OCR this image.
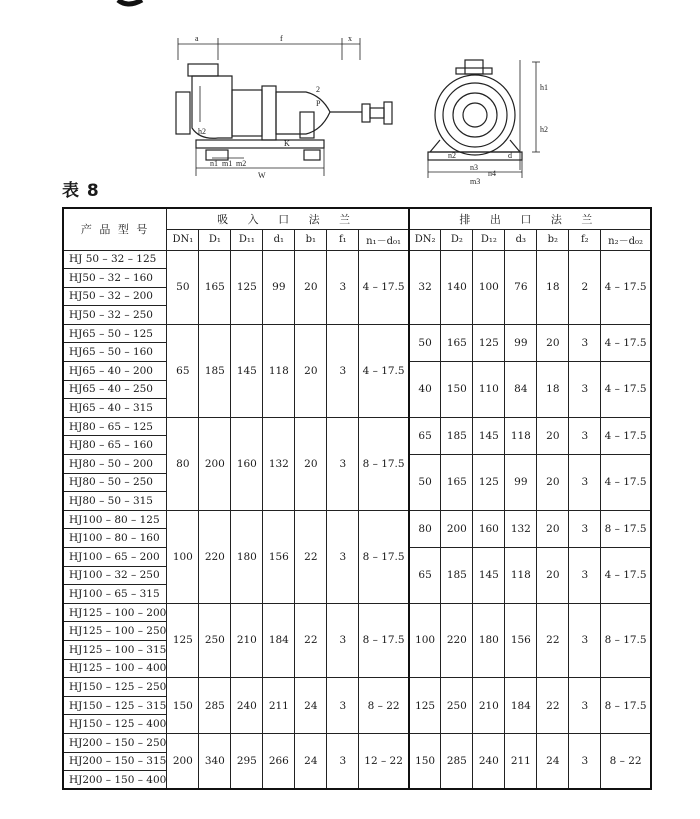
a	f	x
2
P
h2
K
n1 m1 m2
W
h1
h2
n2
n3
n4
m3
d
表 8
产 品 型 号	吸 入 口 法 兰							排 出 口 法 兰						
	DN₁	D₁	D₁₁	d₁	b₁	f₁	n₁－d₀₁	DN₂	D₂	D₁₂	d₃	b₂	f₂	n₂－d₀₂
HJ 50 – 32 – 125	50	165	125	99	20	3	4 – 17.5	32	140	100	76	18	2	4 – 17.5
HJ50 – 32 – 160														
HJ50 – 32 – 200														
HJ50 – 32 – 250														
HJ65 – 50 – 125	65	185	145	118	20	3	4 – 17.5	50	165	125	99	20	3	4 – 17.5
HJ65 – 50 – 160														
HJ65 – 40 – 200								40	150	110	84	18	3	4 – 17.5
HJ65 – 40 – 250														
HJ65 – 40 – 315														
HJ80 – 65 – 125	80	200	160	132	20	3	8 – 17.5	65	185	145	118	20	3	4 – 17.5
HJ80 – 65 – 160														
HJ80 – 50 – 200								50	165	125	99	20	3	4 – 17.5
HJ80 – 50 – 250														
HJ80 – 50 – 315														
HJ100 – 80 – 125	100	220	180	156	22	3	8 – 17.5	80	200	160	132	20	3	8 – 17.5
HJ100 – 80 – 160														
HJ100 – 65 – 200								65	185	145	118	20	3	4 – 17.5
HJ100 – 32 – 250														
HJ100 – 65 – 315														
HJ125 – 100 – 200	125	250	210	184	22	3	8 – 17.5	100	220	180	156	22	3	8 – 17.5
HJ125 – 100 – 250														
HJ125 – 100 – 315														
HJ125 – 100 – 400														
HJ150 – 125 – 250	150	285	240	211	24	3	8 – 22	125	250	210	184	22	3	8 – 17.5
HJ150 – 125 – 315														
HJ150 – 125 – 400														
HJ200 – 150 – 250	200	340	295	266	24	3	12 – 22	150	285	240	211	24	3	8 – 22
HJ200 – 150 – 315														
HJ200 – 150 – 400														
